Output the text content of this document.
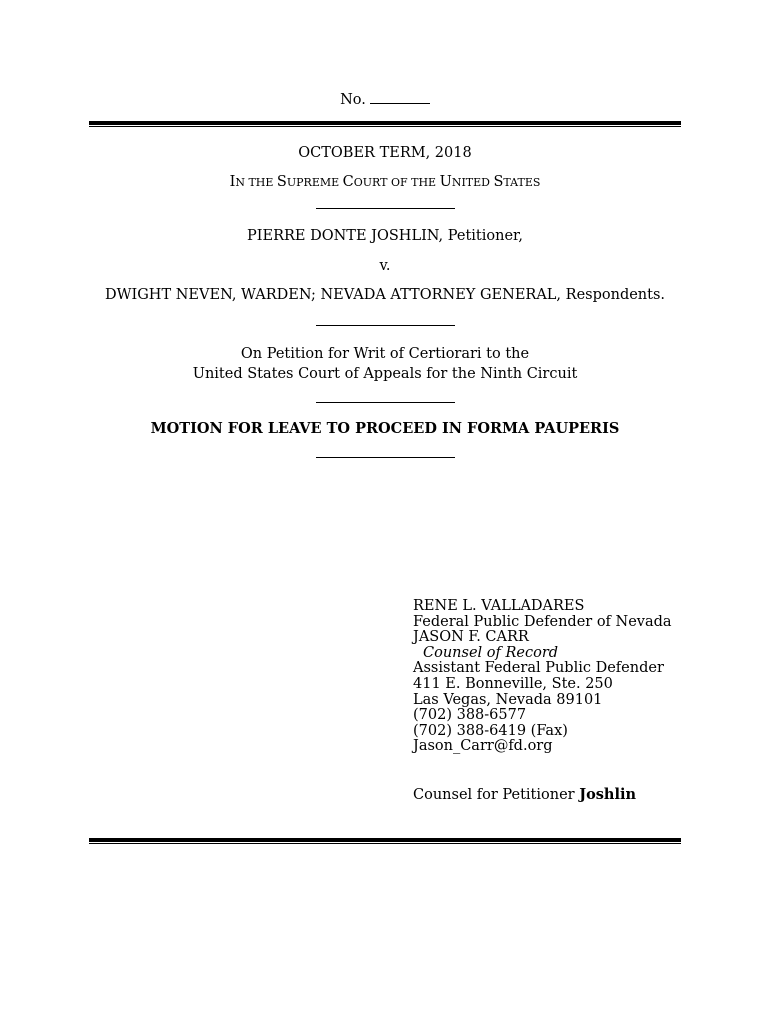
No.
OCTOBER TERM, 2018
IN THE SUPREME COURT OF THE UNITED STATES
PIERRE DONTE JOSHLIN, Petitioner,
v.
DWIGHT NEVEN, WARDEN; NEVADA ATTORNEY GENERAL, Respondents.
On Petition for Writ of Certiorari to the
United States Court of Appeals for the Ninth Circuit
MOTION FOR LEAVE TO PROCEED IN FORMA PAUPERIS
RENE L. VALLADARES
Federal Public Defender of Nevada
JASON F. CARR
Counsel of Record
Assistant Federal Public Defender
411 E. Bonneville, Ste. 250
Las Vegas, Nevada 89101
(702) 388-6577
(702) 388-6419 (Fax)
Jason_Carr@fd.org
Counsel for Petitioner Joshlin
